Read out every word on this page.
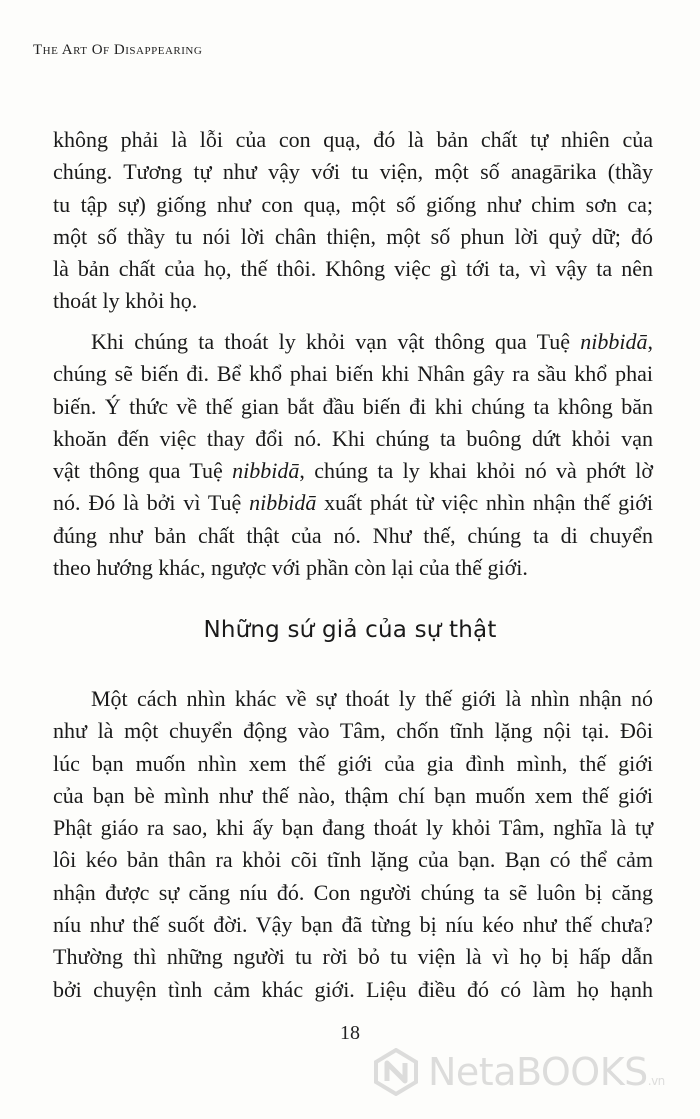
The Art Of Disappearing

không phải là lỗi của con quạ, đó là bản chất tự nhiên của
chúng. Tương tự như vậy với tu viện, một số anagārika (thầy
tu tập sự) giống như con quạ, một số giống như chim sơn ca;
một số thầy tu nói lời chân thiện, một số phun lời quỷ dữ; đó
là bản chất của họ, thế thôi. Không việc gì tới ta, vì vậy ta nên
thoát ly khỏi họ.

Khi chúng ta thoát ly khỏi vạn vật thông qua Tuệ nibbidā,
chúng sẽ biến đi. Bể khổ phai biến khi Nhân gây ra sầu khổ phai
biến. Ý thức về thế gian bắt đầu biến đi khi chúng ta không băn
khoăn đến việc thay đổi nó. Khi chúng ta buông dứt khỏi vạn
vật thông qua Tuệ nibbidā, chúng ta ly khai khỏi nó và phớt lờ
nó. Đó là bởi vì Tuệ nibbidā xuất phát từ việc nhìn nhận thế giới
đúng như bản chất thật của nó. Như thế, chúng ta di chuyển
theo hướng khác, ngược với phần còn lại của thế giới.

Những sứ giả của sự thật

Một cách nhìn khác về sự thoát ly thế giới là nhìn nhận nó
như là một chuyển động vào Tâm, chốn tĩnh lặng nội tại. Đôi
lúc bạn muốn nhìn xem thế giới của gia đình mình, thế giới
của bạn bè mình như thế nào, thậm chí bạn muốn xem thế giới
Phật giáo ra sao, khi ấy bạn đang thoát ly khỏi Tâm, nghĩa là tự
lôi kéo bản thân ra khỏi cõi tĩnh lặng của bạn. Bạn có thể cảm
nhận được sự căng níu đó. Con người chúng ta sẽ luôn bị căng
níu như thế suốt đời. Vậy bạn đã từng bị níu kéo như thế chưa?
Thường thì những người tu rời bỏ tu viện là vì họ bị hấp dẫn
bởi chuyện tình cảm khác giới. Liệu điều đó có làm họ hạnh

18
NetaBOOKS.vn
